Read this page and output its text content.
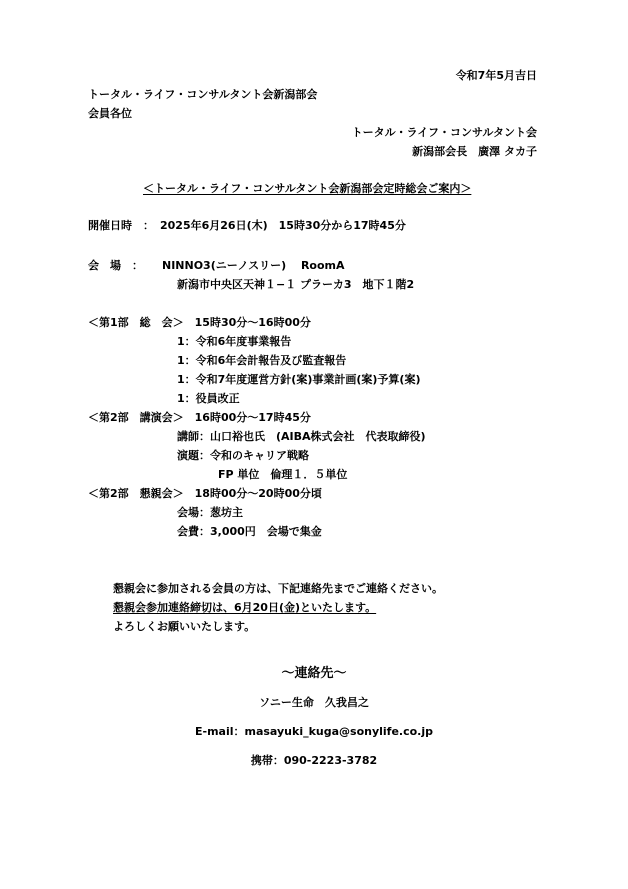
令和7年5月吉日
トータル・ライフ・コンサルタント会新潟部会
会員各位
トータル・ライフ・コンサルタント会
新潟部会長　廣澤 タカ子
＜トータル・ライフ・コンサルタント会新潟部会定時総会ご案内＞
開催日時　： 2025年6月26日(木)　15時30分から17時45分
会　場　： NINNO3(ニーノスリー)　 RoomA
新潟市中央区天神１−１ プラーカ3　地下１階2
＜第1部　総　会＞　15時30分〜16時00分
1：令和6年度事業報告
1：令和6年会計報告及び監査報告
1：令和7年度運営方針(案)事業計画(案)予算(案)
1：役員改正
＜第2部　講演会＞　16時00分〜17時45分
講師：山口裕也氏　(AIBA株式会社　代表取締役)
演題：令和のキャリア戦略
FP 単位　倫理１．５単位
＜第2部　懇親会＞　18時00分〜20時00分頃
会場：葱坊主
会費：3,000円　会場で集金
懇親会に参加される会員の方は、下記連絡先までご連絡ください。
懇親会参加連絡締切は、6月20日(金)といたします。
よろしくお願いいたします。
〜連絡先〜
ソニー生命　久我昌之
E-mail：masayuki_kuga@sonylife.co.jp
携帯：090-2223-3782
